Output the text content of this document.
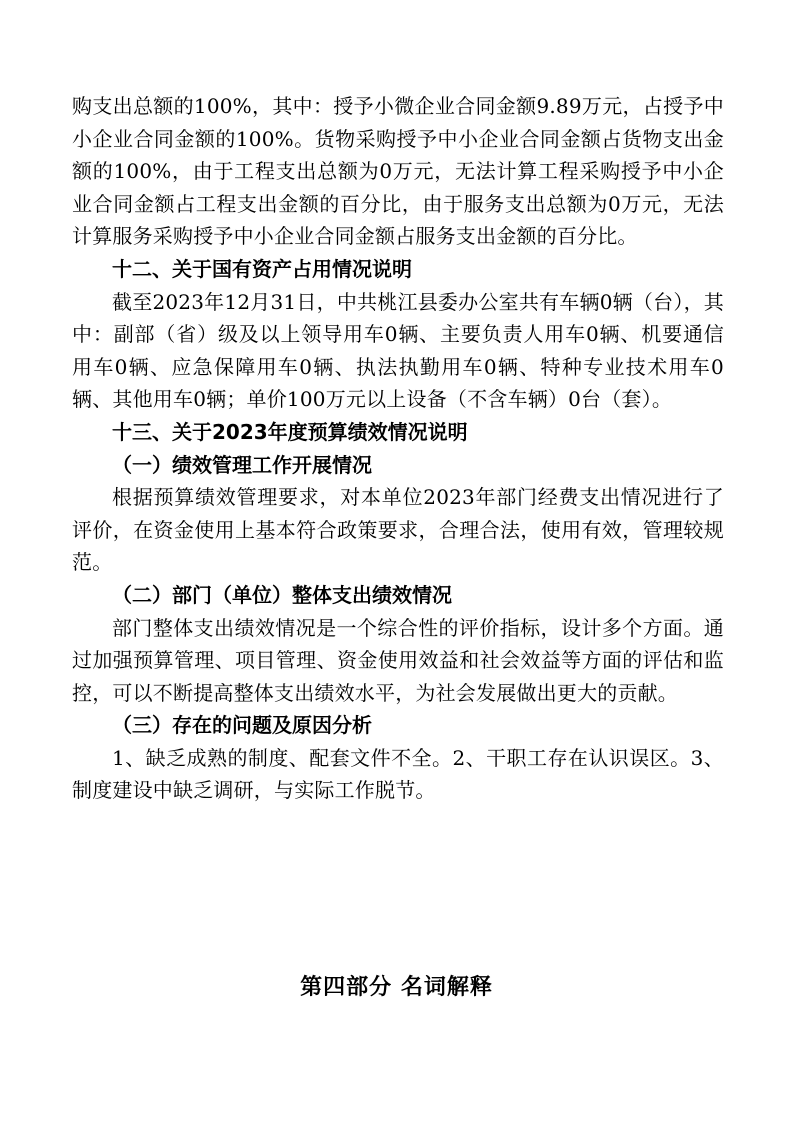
购支出总额的100%，其中：授予小微企业合同金额9.89万元，占授予中小企业合同金额的100%。货物采购授予中小企业合同金额占货物支出金额的100%，由于工程支出总额为0万元，无法计算工程采购授予中小企业合同金额占工程支出金额的百分比，由于服务支出总额为0万元，无法计算服务采购授予中小企业合同金额占服务支出金额的百分比。

十二、关于国有资产占用情况说明

截至2023年12月31日，中共桃江县委办公室共有车辆0辆（台），其中：副部（省）级及以上领导用车0辆、主要负责人用车0辆、机要通信用车0辆、应急保障用车0辆、执法执勤用车0辆、特种专业技术用车0辆、其他用车0辆；单价100万元以上设备（不含车辆）0台（套）。

十三、关于2023年度预算绩效情况说明

（一）绩效管理工作开展情况

根据预算绩效管理要求，对本单位2023年部门经费支出情况进行了评价，在资金使用上基本符合政策要求，合理合法，使用有效，管理较规范。

（二）部门（单位）整体支出绩效情况

部门整体支出绩效情况是一个综合性的评价指标，设计多个方面。通过加强预算管理、项目管理、资金使用效益和社会效益等方面的评估和监控，可以不断提高整体支出绩效水平，为社会发展做出更大的贡献。

（三）存在的问题及原因分析

1、缺乏成熟的制度、配套文件不全。2、干职工存在认识误区。3、制度建设中缺乏调研，与实际工作脱节。

第四部分 名词解释
